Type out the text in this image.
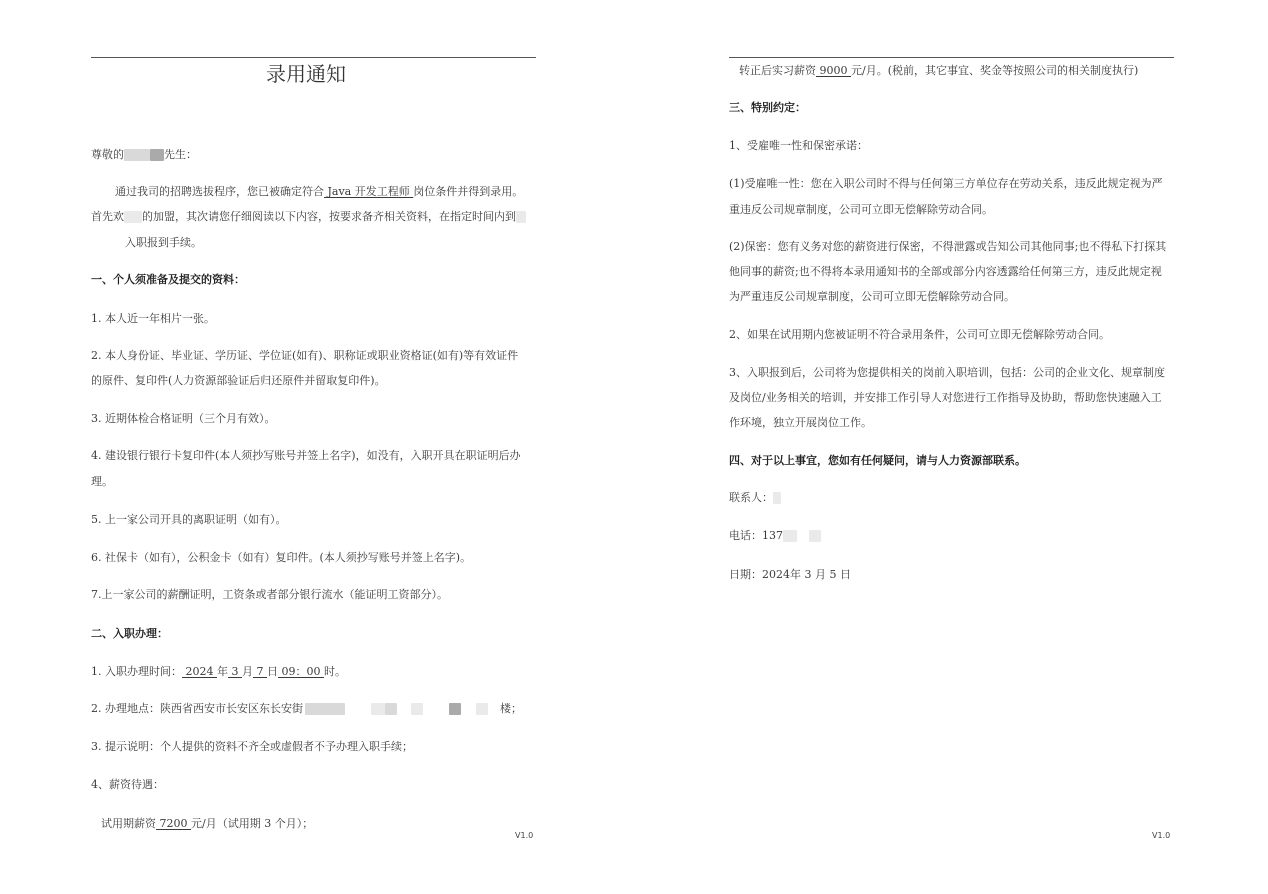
录用通知
尊敬的	先生：
通过我司的招聘选拔程序，您已被确定符合 Java 开发工程师 岗位条件并得到录用。
首先欢 的加盟，其次请您仔细阅读以下内容，按要求备齐相关资料，在指定时间内到
入职报到手续。
一、个人须准备及提交的资料：
1. 本人近一年相片一张。
2. 本人身份证、毕业证、学历证、学位证(如有)、职称证或职业资格证(如有)等有效证件
的原件、复印件(人力资源部验证后归还原件并留取复印件)。
3. 近期体检合格证明（三个月有效）。
4. 建设银行银行卡复印件(本人须抄写账号并签上名字)，如没有，入职开具在职证明后办
理。
5. 上一家公司开具的离职证明（如有）。
6. 社保卡（如有），公积金卡（如有）复印件。(本人须抄写账号并签上名字)。
7.上一家公司的薪酬证明，工资条或者部分银行流水（能证明工资部分）。
二、入职办理：
1. 入职办理时间： 2024 年 3 月 7 日 09：00 时。
2. 办理地点：陕西省西安市长安区东长安街	楼；
3. 提示说明：个人提供的资料不齐全或虚假者不予办理入职手续；
4、薪资待遇：
试用期薪资 7200 元/月（试用期 3 个月）；
V1.0
转正后实习薪资 9000 元/月。(税前，其它事宜、奖金等按照公司的相关制度执行)
三、特别约定：
1、受雇唯一性和保密承诺：
(1)受雇唯一性：您在入职公司时不得与任何第三方单位存在劳动关系，违反此规定视为严
重违反公司规章制度，公司可立即无偿解除劳动合同。
(2)保密：您有义务对您的薪资进行保密，不得泄露或告知公司其他同事;也不得私下打探其
他同事的薪资;也不得将本录用通知书的全部或部分内容透露给任何第三方，违反此规定视
为严重违反公司规章制度，公司可立即无偿解除劳动合同。
2、如果在试用期内您被证明不符合录用条件，公司可立即无偿解除劳动合同。
3、入职报到后，公司将为您提供相关的岗前入职培训，包括：公司的企业文化、规章制度
及岗位/业务相关的培训，并安排工作引导人对您进行工作指导及协助，帮助您快速融入工
作环境，独立开展岗位工作。
四、对于以上事宜，您如有任何疑问，请与人力资源部联系。
联系人：
电话：137
日期：2024年 3 月 5 日
V1.0
